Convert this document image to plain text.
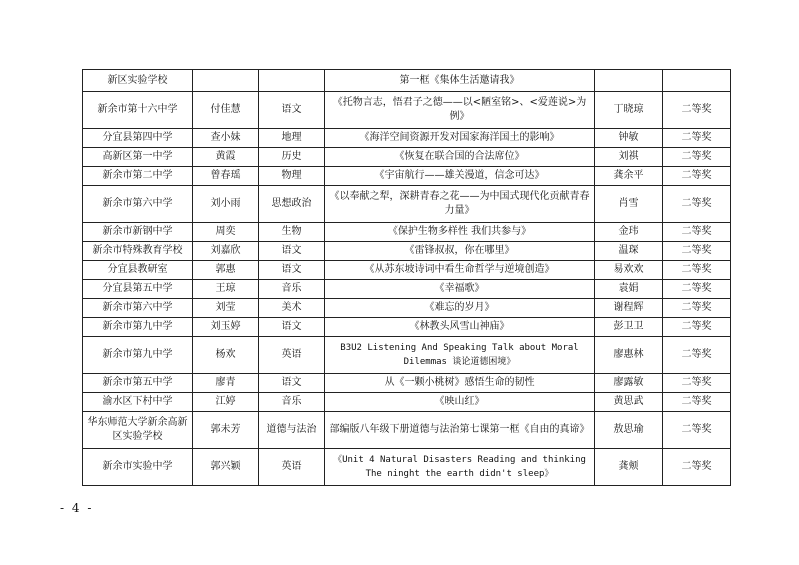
新区实验学校			第一框《集体生活邀请我》		
新余市第十六中学	付佳慧	语文	《托物言志，悟君子之德——以<陋室铭>、<爱莲说>为例》	丁晓琼	二等奖
分宜县第四中学	查小妹	地理	《海洋空间资源开发对国家海洋国土的影响》	钟敏	二等奖
高新区第一中学	黄霞	历史	《恢复在联合国的合法席位》	刘祺	二等奖
新余市第二中学	曾春瑶	物理	《宇宙航行——雄关漫道，信念可达》	龚余平	二等奖
新余市第六中学	刘小雨	思想政治	《以奉献之犁，深耕青春之花——为中国式现代化贡献青春力量》	肖雪	二等奖
新余市新钢中学	周奕	生物	《保护生物多样性 我们共参与》	金玮	二等奖
新余市特殊教育学校	刘嘉欣	语文	《雷锋叔叔，你在哪里》	温琛	二等奖
分宜县教研室	郭惠	语文	《从苏东坡诗词中看生命哲学与逆境创造》	易欢欢	二等奖
分宜县第五中学	王琼	音乐	《幸福歌》	袁娟	二等奖
新余市第六中学	刘莹	美术	《难忘的岁月》	谢程辉	二等奖
新余市第九中学	刘玉婷	语文	《林教头风雪山神庙》	彭卫卫	二等奖
新余市第九中学	杨欢	英语	B3U2 Listening And Speaking Talk about Moral Dilemmas 谈论道德困境》	廖惠林	二等奖
新余市第五中学	廖青	语文	从《一颗小桃树》感悟生命的韧性	廖露敏	二等奖
渝水区下村中学	江婷	音乐	《映山红》	黄思武	二等奖
华东师范大学新余高新区实验学校	郭未芳	道德与法治	部编版八年级下册道德与法治第七课第一框《自由的真谛》	敖思瑜	二等奖
新余市实验中学	郭兴颖	英语	《Unit 4 Natural Disasters Reading and thinking The ninght the earth didn't sleep》	龚颊	二等奖
- 4 -
